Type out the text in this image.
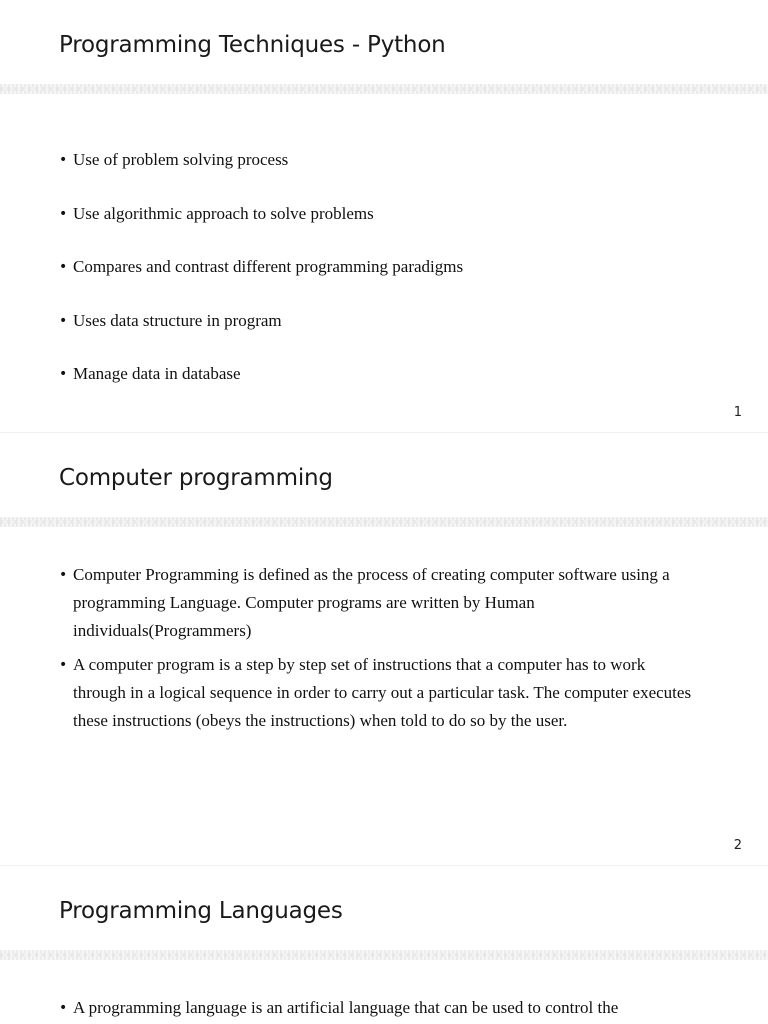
Programming Techniques - Python
• Use of problem solving process
• Use algorithmic approach to solve problems
• Compares and contrast different programming paradigms
• Uses data structure in program
• Manage data in database
1
Computer programming
• Computer Programming is defined as the process of creating computer software using a programming Language. Computer programs are written by Human individuals(Programmers)
• A computer program is a step by step set of instructions that a computer has to work through in a logical sequence in order to carry out a particular task. The computer executes these instructions (obeys the instructions) when told to do so by the user.
2
Programming Languages
• A programming language is an artificial language that can be used to control the
